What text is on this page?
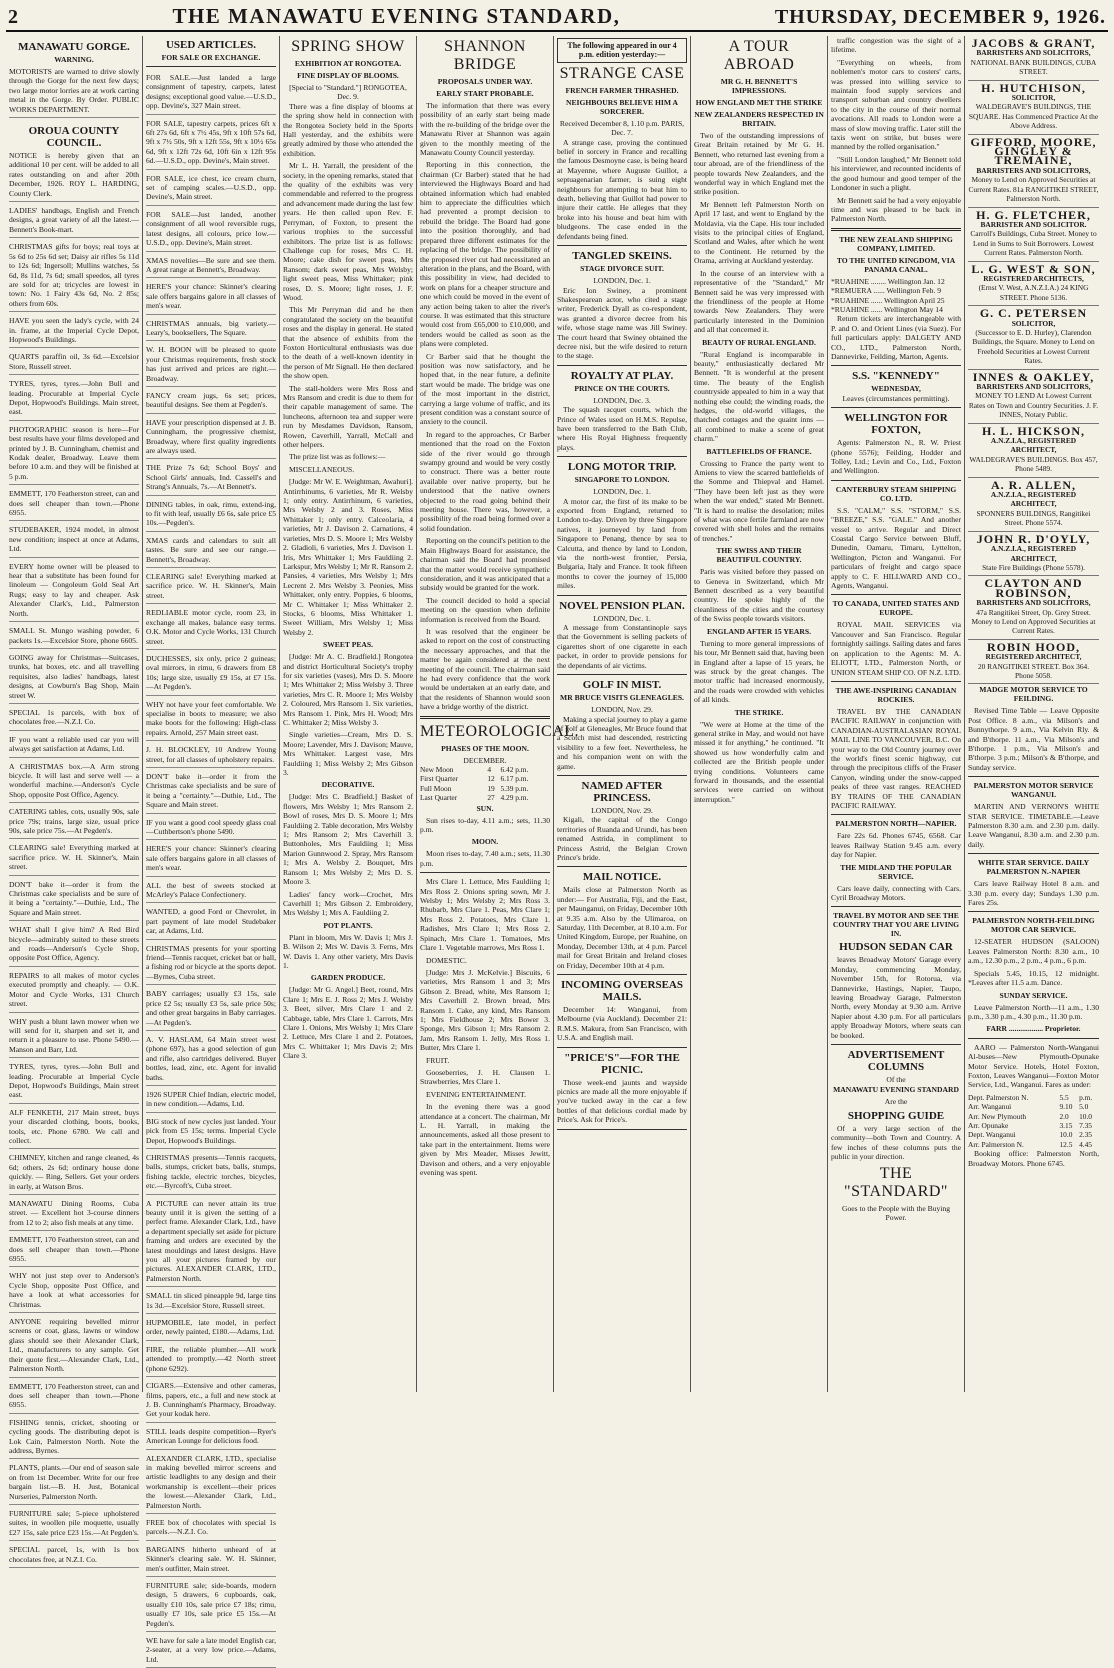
2	THE MANAWATU EVENING STANDARD,	THURSDAY, DECEMBER 9, 1926.
MANAWATU GORGE.
WARNING.
MOTORISTS are warned to drive slowly through the Gorge for the next few days; two large motor lorries are at work carting metal in the Gorge. By Order. PUBLIC WORKS DEPARTMENT.
OROUA COUNTY COUNCIL.
NOTICE is hereby given that an additional 10 per cent. will be added to all rates outstanding on and after 20th December, 1926. ROY L. HARDING, County Clerk.
LADIES' handbags, English and French designs, a great variety of all the latest.—Bennett's Book-mart.
CHRISTMAS gifts for boys; real toys at 5s 6d to 25s 6d set; Daisy air rifles 5s 11d to 12s 6d; Ingersoll; Mullins watches, 5s 6d, 8s 11d, 7s 6d; small speedos, all tyres are sold for at; tricycles are lowest in town: No. 1 Fairy 43s 6d, No. 2 85s; others from 60s.
HAVE you seen the lady's cycle, with 24 in. frame, at the Imperial Cycle Depot, Hopwood's Buildings.
QUARTS paraffin oil, 3s 6d.—Excelsior Store, Russell street.
TYRES, tyres, tyres.—John Bull and leading. Procurable at Imperial Cycle Depot, Hopwood's Buildings. Main street, east.
PHOTOGRAPHIC season is here—For best results have your films developed and printed by J. B. Cunningham, chemist and Kodak dealer, Broadway. Leave them before 10 a.m. and they will be finished at 5 p.m.
EMMETT, 170 Featherston street, can and does sell cheaper than town.—Phone 6955.
STUDEBAKER, 1924 model, in almost new condition; inspect at once at Adams, Ltd.
EVERY home owner will be pleased to hear that a substitute has been found for linoleum — Congoleum Gold Seal Art Rugs; easy to lay and cheaper. Ask Alexander Clark's, Ltd., Palmerston North.
SMALL St. Mungo washing powder, 6 packets 1s.—Excelsior Store, phone 6605.
GOING away for Christmas—Suitcases, trunks, hat boxes, etc. and all travelling requisites, also ladies' handbags, latest designs, at Cowburn's Bag Shop, Main street W.
SPECIAL 1s parcels, with box of chocolates free.—N.Z.I. Co.
IF you want a reliable used car you will always get satisfaction at Adams, Ltd.
A CHRISTMAS box.—A Arm strong bicycle. It will last and serve well — a wonderful machine.—Anderson's Cycle Shop, opposite Post Office, Agency.
CATERING tables, cots, usually 90s, sale price 79s; trains, large size, usual price 90s, sale price 75s.—At Pegden's.
CLEARING sale! Everything marked at sacrifice price. W. H. Skinner's, Main street.
DON'T bake it—order it from the Christmas cake specialists and be sure of it being a "certainty."—Duthie, Ltd., The Square and Main street.
WHAT shall I give him? A Red Bird bicycle—admirably suited to these streets and roads—Anderson's Cycle Shop, opposite Post Office, Agency.
REPAIRS to all makes of motor cycles executed promptly and cheaply. — O.K. Motor and Cycle Works, 131 Church street.
WHY push a blunt lawn mower when we will send for it, sharpen and set it, and return it a pleasure to use. Phone 5490.—Manson and Barr, Ltd.
TYRES, tyres, tyres.—John Bull and leading. Procurable at Imperial Cycle Depot, Hopwood's Buildings, Main street east.
ALF FENKETH, 217 Main street, buys your discarded clothing, boots, books, tools, etc. Phone 6780. We call and collect.
CHIMNEY, kitchen and range cleaned, 4s 6d; others, 2s 6d; ordinary house done quickly. — Ring, Sellers. Get your orders in early, at Watson Bros.
MANAWATU Dining Rooms, Cuba street. — Excellent hot 3-course dinners from 12 to 2; also fish meals at any time.
EMMETT, 170 Featherston street, can and does sell cheaper than town.—Phone 6955.
WHY not just step over to Anderson's Cycle Shop, opposite Post Office, and have a look at what accessories for Christmas.
ANYONE requiring bevelled mirror screens or coat, glass, lawns or window glass should see their Alexander Clark, Ltd., manufacturers to any sample. Get their quote first.—Alexander Clark, Ltd., Palmerston North.
EMMETT, 170 Featherston street, can and does sell cheaper than town.—Phone 6955.
FISHING tennis, cricket, shooting or cycling goods. The distributing depot is Lok Cain, Palmerston North. Note the address, Byrnes.
PLANTS, plants.—Our end of season sale on from 1st December. Write for our free bargain list.—B. H. Just, Botanical Nurseries, Palmerston North.
FURNITURE sale; 5-piece upholstered suites, in woollen pile moquette, usually £27 15s, sale price £23 15s.—At Pegden's.
SPECIAL parcel, 1s, with 1s box chocolates free, at N.Z.I. Co.
USED ARTICLES.
FOR SALE OR EXCHANGE.
FOR SALE.—Just landed a large consignment of tapestry, carpets, latest designs; exceptional good value.—U.S.D., opp. Devine's, 327 Main street.
FOR SALE, tapestry carpets, prices 6ft x 6ft 27s 6d, 6ft x 7½ 45s, 9ft x 10ft 57s 6d, 9ft x 7½ 50s, 9ft x 12ft 55s, 9ft x 10½ 65s 6d, 9ft x 12ft 72s 6d, 10ft 6in x 12ft 95s 6d.—U.S.D., opp. Devine's, Main street.
FOR SALE, ice chest, ice cream churn, set of camping scales.—U.S.D., opp. Devine's, Main street.
FOR SALE—Just landed, another consignment of all wool reversible rugs, latest designs, all colours, price low.—U.S.D., opp. Devine's, Main street.
XMAS novelties—Be sure and see them. A great range at Bennett's, Broadway.
HERE'S your chance: Skinner's clearing sale offers bargains galore in all classes of men's wear.
CHRISTMAS annuals, big variety.—Leary's, booksellers, The Square.
W. H. BOON will be pleased to quote your Christmas requirements, fresh stock has just arrived and prices are right.—Broadway.
FANCY cream jugs, 6s set; prices, beautiful designs. See them at Pegden's.
HAVE your prescription dispensed at J. B. Cunningham, the progressive chemist, Broadway, where first quality ingredients are always used.
THE Prize 7s 6d; School Boys' and School Girls' annuals, Ind. Cassell's and Strang's Annuals, 7s.—At Bennett's.
DINING tables, in oak, rimu, extend-ing, to fit with leaf, usually £6 6s, sale price £5 10s.—Pegden's.
XMAS cards and calendars to suit all tastes. Be sure and see our range.—Bennett's, Broadway.
CLEARING sale! Everything marked at sacrifice price. W. H. Skinner's, Main street.
REDLIABLE motor cycle, room 23, in exchange all makes, balance easy terms. O.K. Motor and Cycle Works, 131 Church street.
DUCHESSES, six only, price 2 guineas; oval mirrors, in rimu, 6 drawers from £8 10s; large size, usually £9 15s, at £7 15s.—At Pegden's.
WHY not have your feet comfortable. We specialise in boots to measure; we also make boots for the following: High-class repairs. Arnold, 257 Main street east.
J. H. BLOCKLEY, 10 Andrew Young street, for all classes of upholstery repairs.
DON'T bake it—order it from the Christmas cake specialists and be sure of it being a "certainty."—Duthie, Ltd., The Square and Main street.
IF you want a good cool speedy glass coal—Cuthbertson's phone 5490.
HERE'S your chance: Skinner's clearing sale offers bargains galore in all classes of men's wear.
ALL the best of sweets stocked at McArley's Palace Confectionery.
WANTED, a good Ford or Chevrolet, in part payment of late model Studebaker car, at Adams, Ltd.
CHRISTMAS presents for your sporting friend—Tennis racquet, cricket bat or ball, a fishing rod or bicycle at the sports depot.—Byrnes, Cuba street.
BABY carriages; usually £3 15s, sale price £2 5s; usually £3 5s, sale price 50s; and other great bargains in Baby carriages.—At Pegden's.
A. V. HASLAM, 64 Main street west (phone 697), has a good selection of gun and rifle, also cartridges delivered. Buyer bottles, lead, zinc, etc. Agent for invalid baths.
1926 SUPER Chief Indian, electric model, in new condition.—Adams, Ltd.
BIG stock of new cycles just landed. Your pick from £5 15s; terms. Imperial Cycle Depot, Hopwood's Buildings.
CHRISTMAS presents—Tennis racquets, balls, stumps, cricket bats, balls, stumps, fishing tackle, electric torches, bicycles, etc.—Byrcoft's, Cuba street.
A PICTURE can never attain its true beauty until it is given the setting of a perfect frame. Alexander Clark, Ltd., have a department specially set aside for picture framing and orders are executed by the latest mouldings and latest designs. Have you all your pictures framed by our pictures. ALEXANDER CLARK, LTD., Palmerston North.
SMALL tin sliced pineapple 9d, large tins 1s 3d.—Excelsior Store, Russell street.
HUPMOBILE, late model, in perfect order, newly painted, £180.—Adams, Ltd.
FIRE, the reliable plumber.—All work attended to promptly.—42 North street (phone 6292).
CIGARS.—Extensive and other cameras, films, papers, etc., a full and new stock at J. B. Cunningham's Pharmacy, Broadway. Get your kodak here.
STILL leads despite competition—Ryer's American Lounge for delicious food.
ALEXANDER CLARK, LTD., specialise in making bevelled mirror screens and artistic leadlights to any design and their workmanship is excellent—their prices the lowest.—Alexander Clark, Ltd., Palmerston North.
FREE box of chocolates with special 1s parcels.—N.Z.I. Co.
BARGAINS hitherto unheard of at Skinner's clearing sale. W. H. Skinner, men's outfitter, Main street.
FURNITURE sale; side-boards, modern design, 5 drawers, 6 cupboards, oak, usually £10 10s, sale price £7 18s; rimu, usually £7 10s, sale price £5 15s.—At Pegden's.
WE have for sale a late model English car, 2-seater, at a very low price.—Adams, Ltd.
SPRING SHOW
EXHIBITION AT RONGOTEA.
FINE DISPLAY OF BLOOMS.
[Special to "Standard."] RONGOTEA, Dec. 9.

There was a fine display of blooms at the spring show held in connection with the Rongotea Society held in the Sports Hall yesterday, and the exhibits were greatly admired by those who attended the exhibition.

Mr L. H. Yarrall, the president of the society, in the opening remarks, stated that the quality of the exhibits was very commendable and referred to the progress and advancement made during the last few years. He then called upon Rev. F. Perryman, of Foxton, to present the various trophies to the successful exhibitors. The prize list is as follows: Challenge cup for roses, Mrs C. H. Moore; cake dish for sweet peas, Mrs Ransom; dark sweet peas, Mrs Welsby; light sweet peas, Miss Whittaker; pink roses, D. S. Moore; light roses, J. F. Wood.

This Mr Perryman did and he then congratulated the society on the beautiful roses and the display in general. He stated that the absence of exhibits from the Foxton Horticultural enthusiasts was due to the death of a well-known identity in the person of Mr Signall. He then declared the show open.

The stall-holders were Mrs Ross and Mrs Ransom and credit is due to them for their capable management of same. The luncheons, afternoon tea and supper were run by Mesdames Davidson, Ransom, Rowen, Caverhill, Yarrall, McCall and other helpers.

The prize list was as follows:—

MISCELLANEOUS.

[Judge: Mr W. E. Weightman, Awahuri]. Antirrhinums, 6 varieties, Mr R. Welsby 1; only entry. Antirrhinum, 6 varieties, Mrs Welsby 2 and 3. Roses, Miss Whittaker 1; only entry. Calceolaria, 4 varieties, Mr J. Davison 2. Carnations, 4 varieties, Mrs D. S. Moore 1; Mrs Welsby 2. Gladioli, 6 varieties, Mrs J. Davison 1. Iris, Mrs Whittaker 1; Mrs Fauldiing 2. Larkspur, Mrs Welsby 1; Mr R. Ransom 2. Pansies, 4 varieties, Mrs Welsby 1; Mrs Lecrent 2. Mrs Welsby 3. Peonies, Miss Whittaker, only entry. Poppies, 6 blooms, Mr C. Whittaker 1; Miss Whittaker 2. Stocks, 6 blooms, Miss Whittaker 1. Sweet William, Mrs Welsby 1; Miss Welsby 2.

SWEET PEAS.

[Judge: Mr A. C. Bradfield.] Rongotea and district Horticultural Society's trophy for six varieties (vases), Mrs D. S. Moore 1; Mrs Whittaker 2; Miss Welsby 3. Three varieties, Mrs C. R. Moore 1; Mrs Welsby 2. Coloured, Mrs Ransom 1. Six varieties, Mrs Ransom 1. Pink, Mrs H. Wood; Mrs C. Whittaker 2; Miss Welsby 3.

Single varieties—Cream, Mrs D. S. Moore; Lavender, Mrs J. Davison; Mauve, Mrs Whittaker. Largest vase, Mrs Fauldiing 1; Miss Welsby 2; Mrs Gibson 3.

DECORATIVE.

[Judge: Mrs C. Bradfield.] Basket of flowers, Mrs Welsby 1; Mrs Ransom 2. Bowl of roses, Mrs D. S. Moore 1; Mrs Fauldiing 2. Table decoration, Mrs Welsby 1; Mrs Ransom 2; Mrs Caverhill 3. Buttonholes, Mrs Fauldiing 1; Miss Marion Gunnwood 2. Spray, Mrs Ransom 1; Mrs A. Welsby 2. Bouquet, Mrs Ransom 1; Mrs Welsby 2; Mrs D. S. Moore 3.

Ladies' fancy work—Crochet, Mrs Caverhill 1; Mrs Gibson 2. Embroidery, Mrs Welsby 1; Mrs A. Fauldiing 2.

POT PLANTS.

Plant in bloom, Mrs W. Davis 1; Mrs J. B. Wilson 2; Mrs W. Davis 3. Ferns, Mrs W. Davis 1. Any other variety, Mrs Davis 1.

GARDEN PRODUCE.

[Judge: Mr G. Angel.] Beet, round, Mrs Clare 1; Mrs E. J. Ross 2; Mrs J. Welsby 3. Beet, silver, Mrs Clare 1 and 2. Cabbage, table, Mrs Clare 1. Carrots, Mrs Clare 1. Onions, Mrs Welsby 1; Mrs Clare 2. Lettuce, Mrs Clare 1 and 2. Potatoes, Mrs C. Whittaker 1; Mrs Davis 2; Mrs Clare 3.

SHANNON BRIDGE
PROPOSALS UNDER WAY.
EARLY START PROBABLE.

The information that there was every possibility of an early start being made with the re-building of the bridge over the Manawatu River at Shannon was again given to the monthly meeting of the Manawatu County Council yesterday.

Reporting in this connection, the chairman (Cr Barber) stated that he had interviewed the Highways Board and had obtained information which had enabled him to appreciate the difficulties which had prevented a prompt decision to rebuild the bridge. The Board had gone into the position thoroughly, and had prepared three different estimates for the replacing of the bridge. The possibility of the proposed river cut had necessitated an alteration in the plans, and the Board, with this possibility in view, had decided to work on plans for a cheaper structure and one which could be moved in the event of any action being taken to alter the river's course. It was estimated that this structure would cost from £65,000 to £10,000, and tenders would be called as soon as the plans were completed.

Cr Barber said that he thought the position was now satisfactory, and he hoped that, in the near future, a definite start would be made. The bridge was one of the most important in the district, carrying a large volume of traffic, and its present condition was a constant source of anxiety to the council.

In regard to the approaches, Cr Barber mentioned that the road on the Foxton side of the river would go through swampy ground and would be very costly to construct. There was a better route available over native property, but he understood that the native owners objected to the road going behind their meeting house. There was, however, a possibility of the road being formed over a solid foundation.

Reporting on the council's petition to the Main Highways Board for assistance, the chairman said the Board had promised that the matter would receive sympathetic consideration, and it was anticipated that a subsidy would be granted for the work.

The council decided to hold a special meeting on the question when definite information is received from the Board.

It was resolved that the engineer be asked to report on the cost of constructing the necessary approaches, and that the matter be again considered at the next meeting of the council. The chairman said he had every confidence that the work would be undertaken at an early date, and that the residents of Shannon would soon have a bridge worthy of the district.

METEOROLOGICAL.
PHASES OF THE MOON.
DECEMBER.
New Moon	4	6.42 p.m.
First Quarter	12	6.17 p.m.
Full Moon	19	5.39 p.m.
Last Quarter	27	4.29 p.m.
SUN.

Sun rises to-day, 4.11 a.m.; sets, 11.30 p.m.

MOON.

Moon rises to-day, 7.40 a.m.; sets, 11.30 p.m.

Mrs Clare 1. Lettuce, Mrs Fauldiing 1; Mrs Ross 2. Onions spring sown, Mr J. Welsby 1; Mrs Welsby 2; Mrs Ross 3. Rhubarb, Mrs Clare 1. Peas, Mrs Clare 1; Mrs Ross 2. Potatoes, Mrs Clare 1. Radishes, Mrs Clare 1; Mrs Ross 2. Spinach, Mrs Clare 1. Tomatoes, Mrs Clare 1. Vegetable marrows, Mrs Ross 1.

DOMESTIC.

[Judge: Mrs J. McKelvie.] Biscuits, 6 varieties, Mrs Ransom 1 and 3; Mrs Gibson 2. Bread, white, Mrs Ransom 1; Mrs Caverhill 2. Brown bread, Mrs Ransom 1. Cake, any kind, Mrs Ransom 1; Mrs Fieldhouse 2; Mrs Bower 3. Sponge, Mrs Gibson 1; Mrs Ransom 2. Jam, Mrs Ransom 1. Jelly, Mrs Ross 1. Butter, Mrs Clare 1.

FRUIT.

Gooseberries, J. H. Clausen 1. Strawberries, Mrs Clare 1.

EVENING ENTERTAINMENT.

In the evening there was a good attendance at a concert. The chairman, Mr L. H. Yarrall, in making the announcements, asked all those present to take part in the entertainment. Items were given by Mrs Meader, Misses Jewitt, Davison and others, and a very enjoyable evening was spent.

The following appeared in our 4 p.m. edition yesterday:—
STRANGE CASE
FRENCH FARMER THRASHED.
NEIGHBOURS BELIEVE HIM A SORCERER.
Received December 8, 1.10 p.m. PARIS, Dec. 7.

A strange case, proving the continued belief in sorcery in France and recalling the famous Desmoyne case, is being heard at Mayenne, where Auguste Guillot, a septuagenarian farmer, is suing eight neighbours for attempting to beat him to death, believing that Guillot had power to injure their cattle. He alleges that they broke into his house and beat him with bludgeons. The case ended in the defendants being fined.

TANGLED SKEINS.
STAGE DIVORCE SUIT.
LONDON, Dec. 1.

Eric Ion Swiney, a prominent Shakespearean actor, who cited a stage writer, Frederick Dyall as co-respondent, was granted a divorce decree from his wife, whose stage name was Jill Swiney. The court heard that Swiney obtained the decree nisi, but the wife desired to return to the stage.

ROYALTY AT PLAY.
PRINCE ON THE COURTS.
LONDON, Dec. 3.

The squash racquet courts, which the Prince of Wales used on H.M.S. Repulse, have been transferred to the Bath Club, where His Royal Highness frequently plays.

LONG MOTOR TRIP.
SINGAPORE TO LONDON.
LONDON, Dec. 1.

A motor car, the first of its make to be exported from England, returned to London to-day. Driven by three Singapore natives, it journeyed by land from Singapore to Penang, thence by sea to Calcutta, and thence by land to London, via the north-west frontier, Persia, Bulgaria, Italy and France. It took fifteen months to cover the journey of 15,000 miles.

NOVEL PENSION PLAN.
LONDON, Dec. 1.

A message from Constantinople says that the Government is selling packets of cigarettes short of one cigarette in each packet, in order to provide pensions for the dependants of air victims.

GOLF IN MIST.
MR BRUCE VISITS GLENEAGLES.
LONDON, Nov. 29.

Making a special journey to play a game of golf at Gleneagles, Mr Bruce found that a Scotch mist had descended, restricting visibility to a few feet. Nevertheless, he and his companion went on with the game.

NAMED AFTER PRINCESS.
LONDON, Nov. 29.

Kigali, the capital of the Congo territories of Ruanda and Urundi, has been renamed Astrida, in compliment to Princess Astrid, the Belgian Crown Prince's bride.

MAIL NOTICE.

Mails close at Palmerston North as under:— For Australia, Fiji, and the East, per Maunganui, on Friday, December 10th at 9.35 a.m. Also by the Ulimaroa, on Saturday, 11th December, at 8.10 a.m. For United Kingdom, Europe, per Ruahine, on Monday, December 13th, at 4 p.m. Parcel mail for Great Britain and Ireland closes on Friday, December 10th at 4 p.m.

INCOMING OVERSEAS MAILS.

December 14: Wanganui, from Melbourne (via Auckland). December 21: R.M.S. Makura, from San Francisco, with U.S.A. and English mail.

"PRICE'S"—FOR THE PICNIC.

Those week-end jaunts and wayside picnics are made all the more enjoyable if you've tucked away in the car a few bottles of that delicious cordial made by Price's. Ask for Price's.

A TOUR ABROAD
MR G. H. BENNETT'S IMPRESSIONS.
HOW ENGLAND MET THE STRIKE
NEW ZEALANDERS RESPECTED IN BRITAIN.

Two of the outstanding impressions of Great Britain retained by Mr G. H. Bennett, who returned last evening from a tour abroad, are of the friendliness of the people towards New Zealanders, and the wonderful way in which England met the strike position.

Mr Bennett left Palmerston North on April 17 last, and went to England by the Moldavia, via the Cape. His tour included visits to the principal cities of England, Scotland and Wales, after which he went to the Continent. He returned by the Orama, arriving at Auckland yesterday.

In the course of an interview with a representative of the "Standard," Mr Bennett said he was very impressed with the friendliness of the people at Home towards New Zealanders. They were particularly interested in the Dominion and all that concerned it.

BEAUTY OF RURAL ENGLAND.

"Rural England is incomparable in beauty," enthusiastically declared Mr Bennett. "It is wonderful at the present time. The beauty of the English countryside appealed to him in a way that nothing else could; the winding roads, the hedges, the old-world villages, the thatched cottages and the quaint inns — all combined to make a scene of great charm."

BATTLEFIELDS OF FRANCE.

Crossing to France the party went to Amiens to view the scarred battlefields of the Somme and Thiepval and Hamel. "They have been left just as they were when the war ended," stated Mr Bennett. "It is hard to realise the desolation; miles of what was once fertile farmland are now covered with shell holes and the remains of trenches."

THE SWISS AND THEIR BEAUTIFUL COUNTRY.

Paris was visited before they passed on to Geneva in Switzerland, which Mr Bennett described as a very beautiful country. He spoke highly of the cleanliness of the cities and the courtesy of the Swiss people towards visitors.

ENGLAND AFTER 15 YEARS.

Turning to more general impressions of his tour, Mr Bennett said that, having been in England after a lapse of 15 years, he was struck by the great changes. The motor traffic had increased enormously, and the roads were crowded with vehicles of all kinds.

THE STRIKE.

"We were at Home at the time of the general strike in May, and would not have missed it for anything," he continued. "It showed us how wonderfully calm and collected are the British people under trying conditions. Volunteers came forward in thousands, and the essential services were carried on without interruption."

traffic congestion was the sight of a lifetime.

"Everything on wheels, from noblemen's motor cars to costers' carts, was pressed into willing service to maintain food supply services and transport suburban and country dwellers to the city in the course of their normal avocations. All roads to London were a mass of slow moving traffic. Later still the taxis went on strike, but buses were manned by the rolled organisation."

"Still London laughed," Mr Bennett told his interviewer, and recounted incidents of the good humour and good temper of the Londoner in such a plight.

Mr Bennett said he had a very enjoyable time and was pleased to be back in Palmerston North.

THE NEW ZEALAND SHIPPING COMPANY, LIMITED.
TO THE UNITED KINGDOM, VIA PANAMA CANAL.
*RUAHINE ........ Wellington Jan. 12
*REMUERA ...... Wellington Feb. 9
*RUAHINE ...... Wellington April 25
*RUAHINE ...... Wellington May 14

Return tickets are interchangeable with P. and O. and Orient Lines (via Suez). For full particulars apply: DALGETY AND CO., LTD., Palmerston North, Dannevirke, Feilding, Marton, Agents.

S.S. "KENNEDY"
WEDNESDAY,
Leaves (circumstances permitting).
WELLINGTON FOR FOXTON,

Agents: Palmerston N., R. W. Priest (phone 5576); Feilding, Hodder and Tolley, Ltd.; Levin and Co., Ltd., Foxton and Wellington.

CANTERBURY STEAM SHIPPING CO. LTD.

S.S. "CALM," S.S. "STORM," S.S. "BREEZE," S.S. "GALE." And another vessel to arrive. Regular and Direct Coastal Cargo Service between Bluff, Dunedin, Oamaru, Timaru, Lyttelton, Wellington, Picton and Wanganui. For particulars of freight and cargo space apply to C. F. HILLWARD AND CO., Agents, Wanganui.

TO CANADA, UNITED STATES AND EUROPE.

ROYAL MAIL SERVICES via Vancouver and San Francisco. Regular fortnightly sailings. Sailing dates and fares on application to the Agents: M. A. ELIOTT, LTD., Palmerston North, or UNION STEAM SHIP CO. OF N.Z. LTD.

THE AWE-INSPIRING CANADIAN ROCKIES.

TRAVEL BY THE CANADIAN PACIFIC RAILWAY in conjunction with CANADIAN-AUSTRALASIAN ROYAL MAIL LINE TO VANCOUVER, B.C. On your way to the Old Country journey over the world's finest scenic highway, cut through the precipitous cliffs of the Fraser Canyon, winding under the snow-capped peaks of three vast ranges. REACHED BY TRAINS OF THE CANADIAN PACIFIC RAILWAY.

PALMERSTON NORTH—NAPIER.

Fare 22s 6d. Phones 6745, 6568. Car leaves Railway Station 9.45 a.m. every day for Napier.

THE MIDLAND THE POPULAR SERVICE.

Cars leave daily, connecting with Cars. Cyril Broadway Motors.

TRAVEL BY MOTOR AND SEE THE COUNTRY THAT YOU ARE LIVING IN.
HUDSON SEDAN CAR

leaves Broadway Motors' Garage every Monday, commencing Monday, November 15th, for Rotorua, via Dannevirke, Hastings, Napier, Taupo, leaving Broadway Garage, Palmerston North, every Monday at 9.30 a.m. Arrive Napier about 4.30 p.m. For all particulars apply Broadway Motors, where seats can be booked.

ADVERTISEMENT COLUMNS
Of the
MANAWATU EVENING STANDARD
Are the
SHOPPING GUIDE

Of a very large section of the community—both Town and Country. A few inches of these columns puts the public in your direction.

THE "STANDARD"
Goes to the People with the Buying Power.
JACOBS & GRANT,
BARRISTERS AND SOLICITORS,
NATIONAL BANK BUILDINGS, CUBA STREET.
H. HUTCHISON,
SOLICITOR,
WALDEGRAVE'S BUILDINGS, THE SQUARE. Has Commenced Practice At the Above Address.
GIFFORD, MOORE, GINGLEY & TREMAINE,
BARRISTERS AND SOLICITORS,
Money to Lend on Approved Securities at Current Rates. 81a RANGITIKEI STREET, Palmerston North.
H. G. FLETCHER,
BARRISTER AND SOLICITOR.
Carroll's Buildings, Cuba Street. Money to Lend in Sums to Suit Borrowers. Lowest Current Rates. Palmerston North.
L. G. WEST & SON,
REGISTERED ARCHITECTS,
(Ernst V. West, A.N.Z.I.A.) 24 KING STREET. Phone 5136.
G. C. PETERSEN
SOLICITOR,
(Successor to E. D. Hurley), Clarendon Buildings, the Square. Money to Lend on Freehold Securities at Lowest Current Rates.
INNES & OAKLEY,
BARRISTERS AND SOLICITORS,
MONEY TO LEND At Lowest Current Rates on Town and Country Securities. J. F. INNES, Notary Public.
H. L. HICKSON,
A.N.Z.I.A., REGISTERED ARCHITECT,
WALDEGRAVE'S BUILDINGS. Box 457, Phone 5489.
A. R. ALLEN,
A.N.Z.I.A., REGISTERED ARCHITECT,
SPONNERS BUILDINGS, Rangitikei Street. Phone 5574.
JOHN R. D'OYLY,
A.N.Z.I.A., REGISTERED ARCHITECT,
State Fire Buildings (Phone 5578).
CLAYTON AND ROBINSON,
BARRISTERS AND SOLICITORS,
47a Rangitikei Street, Op. Grey Street. Money to Lend on Approved Securities at Current Rates.
ROBIN HOOD,
REGISTERED ARCHITECT,
20 RANGITIKEI STREET. Box 364. Phone 5058.
MADGE MOTOR SERVICE TO FEILDING.

Revised Time Table — Leave Opposite Post Office. 8 a.m., via Milson's and Bunnythorpe. 9 a.m., Via Kelvin Rly. & and B'thorpe. 11 a.m., Via Milson's and B'thorpe. 1 p.m., Via Milson's and B'thorpe. 3 p.m.; Milson's & B'thorpe, and Sunday service.

PALMERSTON MOTOR SERVICE WANGANUI.

MARTIN AND VERNON'S WHITE STAR SERVICE. TIMETABLE.—Leave Palmerston 8.30 a.m. and 2.30 p.m. daily. Leave Wanganui, 8.30 a.m. and 2.30 p.m. daily.

WHITE STAR SERVICE. DAILY PALMERSTON N.-NAPIER

Cars leave Railway Hotel 8 a.m. and 3.30 p.m. every day; Sundays 1.30 p.m. Fares 25s.

PALMERSTON NORTH-FEILDING MOTOR CAR SERVICE.

12-SEATER HUDSON (SALOON) Leaves Palmerston North: 8.30 a.m., 10 a.m., 12.30 p.m., 2 p.m., 4 p.m., 6 p.m.

Specials 5.45, 10.15, 12 midnight. *Leaves after 11.5 a.m. Dance.

SUNDAY SERVICE.

Leave Palmerston North—11 a.m., 1.30 p.m., 3.30 p.m., 4.30 p.m., 11.30 p.m.

FARR .................. Proprietor.

AARO — Palmerston North-Wanganui Al-buses—New Plymouth-Opunake Motor Service. Hotels, Hotel Foxton, Foxton, Leaves Wanganui—Foxton Motor Service, Ltd., Wanganui. Fares as under:

Dept. Palmerston N.	5.5	p.m.
Arr. Wanganui	9.10	5.0
Arr. New Plymouth	2.0	10.0
Arr. Opunake	3.15	7.35
Dept. Wanganui	10.0	2.35
Arr. Palmerston N.	12.5	4.45

Booking office: Palmerston North, Broadway Motors. Phone 6745.
